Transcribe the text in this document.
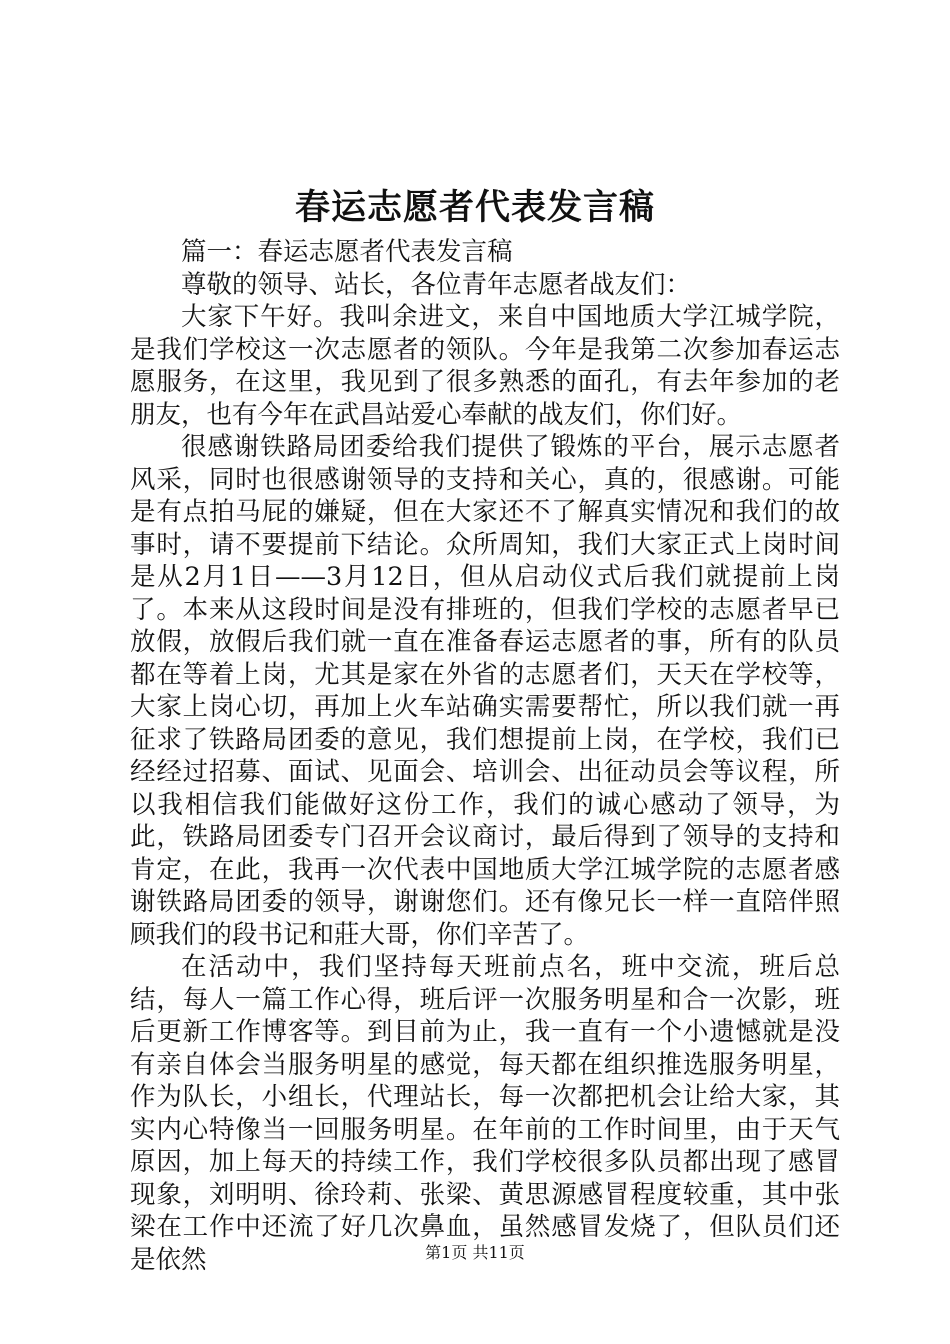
春运志愿者代表发言稿

篇一：春运志愿者代表发言稿

尊敬的领导、站长，各位青年志愿者战友们：

大家下午好。我叫余进文，来自中国地质大学江城学院，是我们学校这一次志愿者的领队。今年是我第二次参加春运志愿服务，在这里，我见到了很多熟悉的面孔，有去年参加的老朋友，也有今年在武昌站爱心奉献的战友们，你们好。

很感谢铁路局团委给我们提供了锻炼的平台，展示志愿者风采，同时也很感谢领导的支持和关心，真的，很感谢。可能是有点拍马屁的嫌疑，但在大家还不了解真实情况和我们的故事时，请不要提前下结论。众所周知，我们大家正式上岗时间是从2月1日——3月12日，但从启动仪式后我们就提前上岗了。本来从这段时间是没有排班的，但我们学校的志愿者早已放假，放假后我们就一直在准备春运志愿者的事，所有的队员都在等着上岗，尤其是家在外省的志愿者们，天天在学校等，大家上岗心切，再加上火车站确实需要帮忙，所以我们就一再征求了铁路局团委的意见，我们想提前上岗，在学校，我们已经经过招募、面试、见面会、培训会、出征动员会等议程，所以我相信我们能做好这份工作，我们的诚心感动了领导，为此，铁路局团委专门召开会议商讨，最后得到了领导的支持和肯定，在此，我再一次代表中国地质大学江城学院的志愿者感谢铁路局团委的领导，谢谢您们。还有像兄长一样一直陪伴照顾我们的段书记和莊大哥，你们辛苦了。

在活动中，我们坚持每天班前点名，班中交流，班后总结，每人一篇工作心得，班后评一次服务明星和合一次影，班后更新工作博客等。到目前为止，我一直有一个小遗憾就是没有亲自体会当服务明星的感觉，每天都在组织推选服务明星，作为队长，小组长，代理站长，每一次都把机会让给大家，其实内心特像当一回服务明星。在年前的工作时间里，由于天气原因，加上每天的持续工作，我们学校很多队员都出现了感冒现象，刘明明、徐玲莉、张梁、黄思源感冒程度较重，其中张梁在工作中还流了好几次鼻血，虽然感冒发烧了，但队员们还是依然	第1页 共11页
